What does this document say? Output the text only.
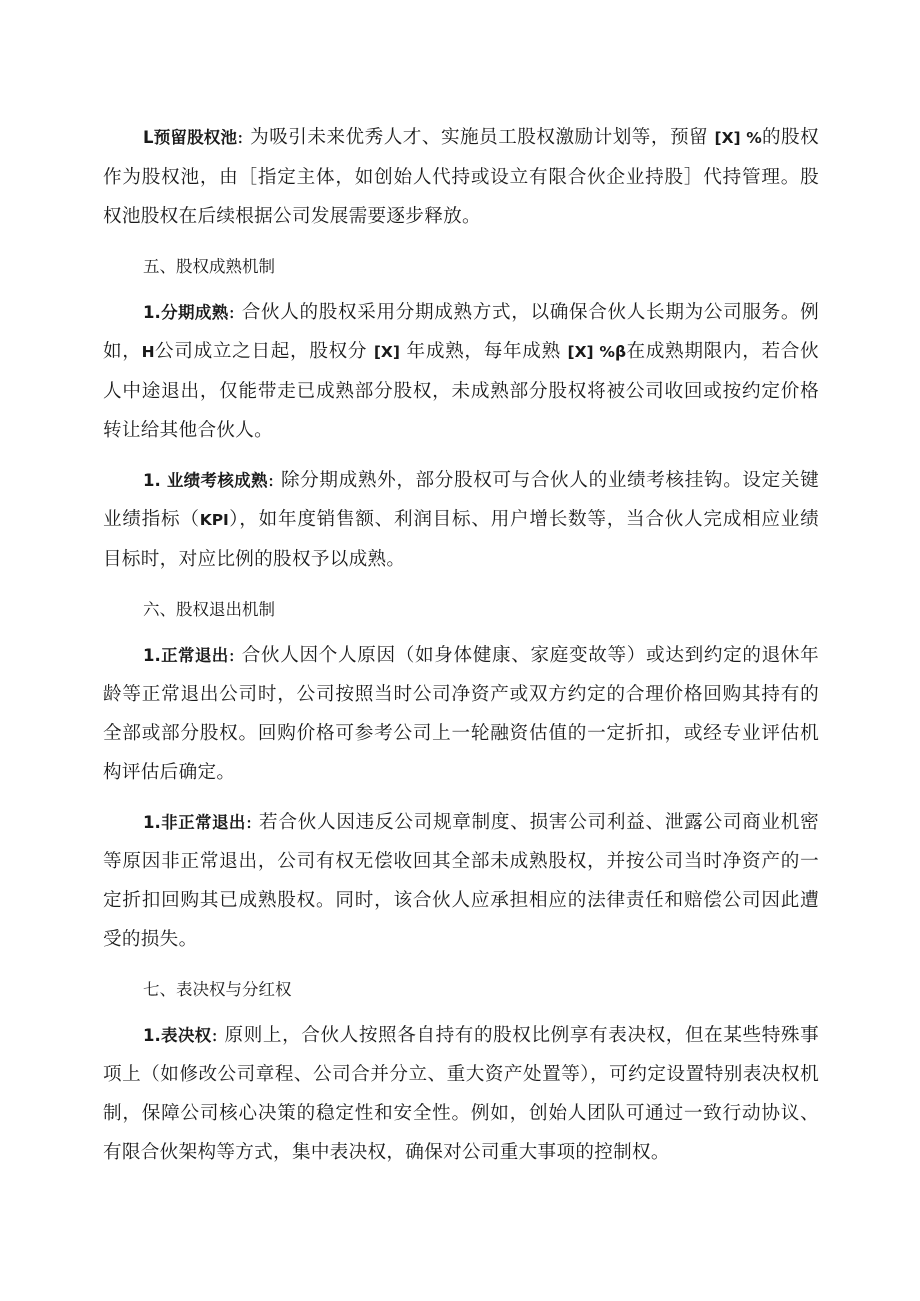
L预留股权池: 为吸引未来优秀人才、实施员工股权激励计划等，预留 [X] %的股权作为股权池，由［指定主体，如创始人代持或设立有限合伙企业持股］代持管理。股权池股权在后续根据公司发展需要逐步释放。

五、股权成熟机制

1.分期成熟: 合伙人的股权采用分期成熟方式，以确保合伙人长期为公司服务。例如，H公司成立之日起，股权分 [X] 年成熟，每年成熟 [X] %β在成熟期限内，若合伙人中途退出，仅能带走已成熟部分股权，未成熟部分股权将被公司收回或按约定价格转让给其他合伙人。

1. 业绩考核成熟: 除分期成熟外，部分股权可与合伙人的业绩考核挂钩。设定关键业绩指标（KPI），如年度销售额、利润目标、用户增长数等，当合伙人完成相应业绩目标时，对应比例的股权予以成熟。

六、股权退出机制

1.正常退出: 合伙人因个人原因（如身体健康、家庭变故等）或达到约定的退休年龄等正常退出公司时，公司按照当时公司净资产或双方约定的合理价格回购其持有的全部或部分股权。回购价格可参考公司上一轮融资估值的一定折扣，或经专业评估机构评估后确定。

1.非正常退出: 若合伙人因违反公司规章制度、损害公司利益、泄露公司商业机密等原因非正常退出，公司有权无偿收回其全部未成熟股权，并按公司当时净资产的一定折扣回购其已成熟股权。同时，该合伙人应承担相应的法律责任和赔偿公司因此遭受的损失。

七、表决权与分红权

1.表决权: 原则上，合伙人按照各自持有的股权比例享有表决权，但在某些特殊事项上（如修改公司章程、公司合并分立、重大资产处置等），可约定设置特别表决权机制，保障公司核心决策的稳定性和安全性。例如，创始人团队可通过一致行动协议、有限合伙架构等方式，集中表决权，确保对公司重大事项的控制权。
